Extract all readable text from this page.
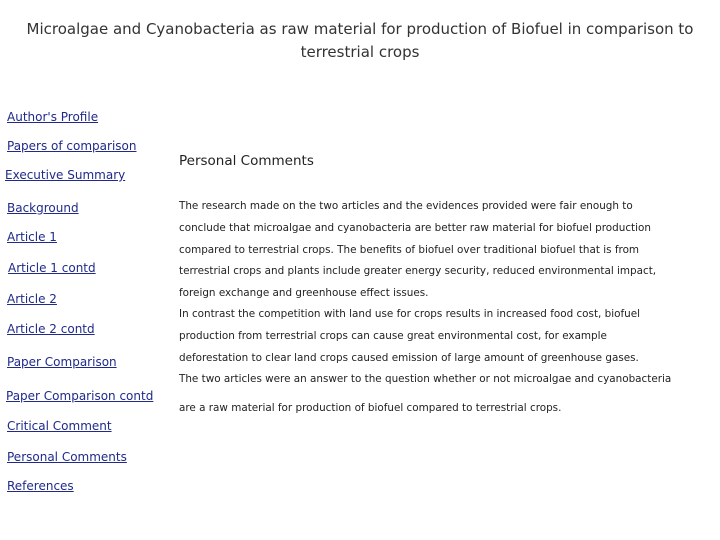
Microalgae and Cyanobacteria as raw material for production of Biofuel in comparison to terrestrial crops
Author's Profile
Papers of comparison
Executive Summary
Background
Article 1
Article 1 contd
Article 2
Article 2 contd
Paper Comparison
Paper Comparison contd
Critical Comment
Personal Comments
References
Personal Comments
The research made on the two articles and the evidences provided were fair enough to
conclude that microalgae and cyanobacteria are better raw material for biofuel production
compared to terrestrial crops. The benefits of biofuel over traditional biofuel that is from
terrestrial crops and plants include greater energy security, reduced environmental impact,
foreign exchange and greenhouse effect issues.
In contrast the competition with land use for crops results in increased food cost, biofuel
production from terrestrial crops can cause great environmental cost, for example
deforestation to clear land crops caused emission of large amount of greenhouse gases.
The two articles were an answer to the question whether or not microalgae and cyanobacteria
are a raw material for production of biofuel compared to terrestrial crops.
